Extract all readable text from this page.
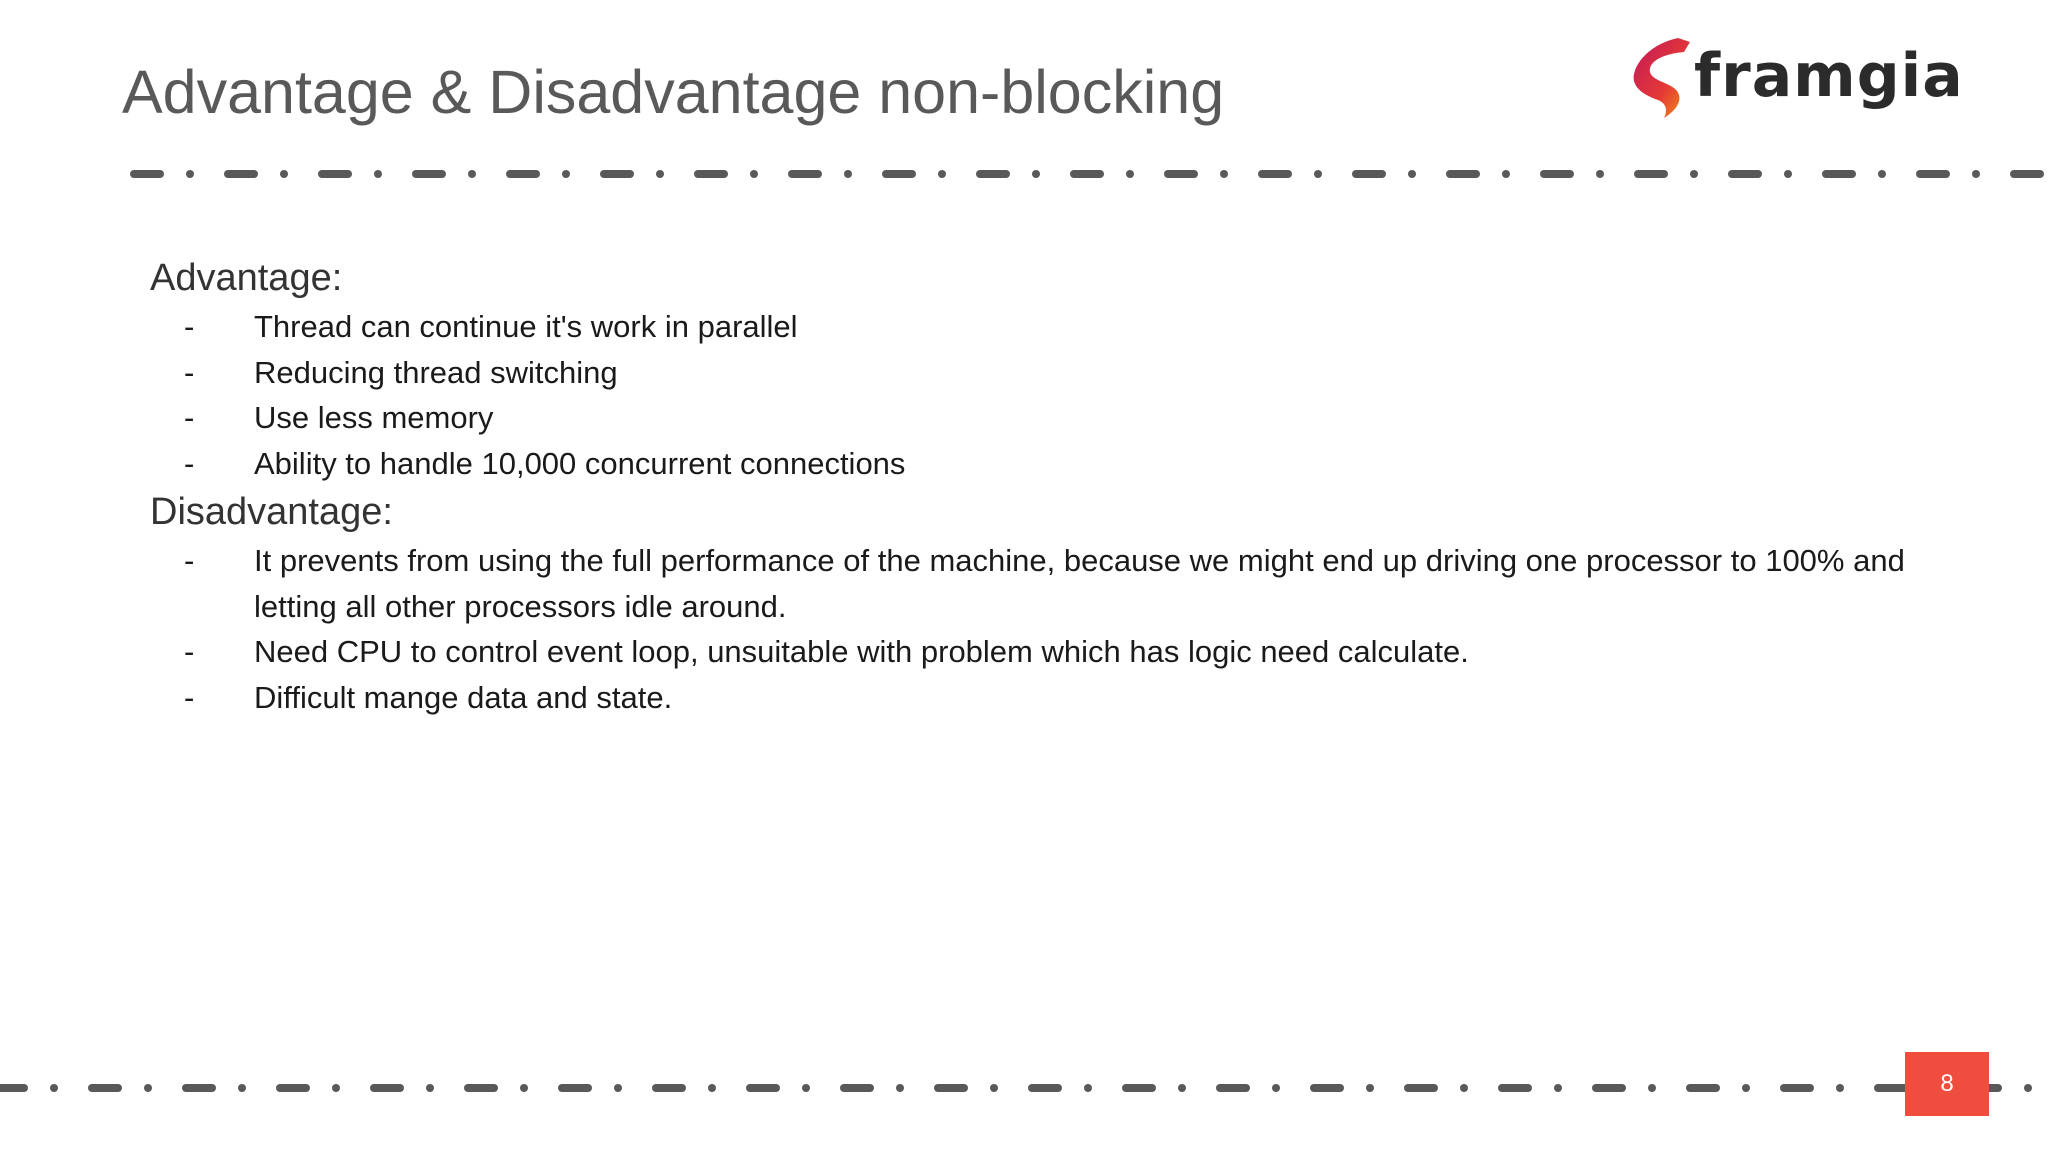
Advantage & Disadvantage non-blocking	framgia
Advantage:
- Thread can continue it's work in parallel
- Reducing thread switching
- Use less memory
- Ability to handle 10,000 concurrent connections
Disadvantage:
- It prevents from using the full performance of the machine, because we might end up driving one processor to 100% and letting all other processors idle around.
- Need CPU to control event loop, unsuitable with problem which has logic need calculate.
- Difficult mange data and state.
8
